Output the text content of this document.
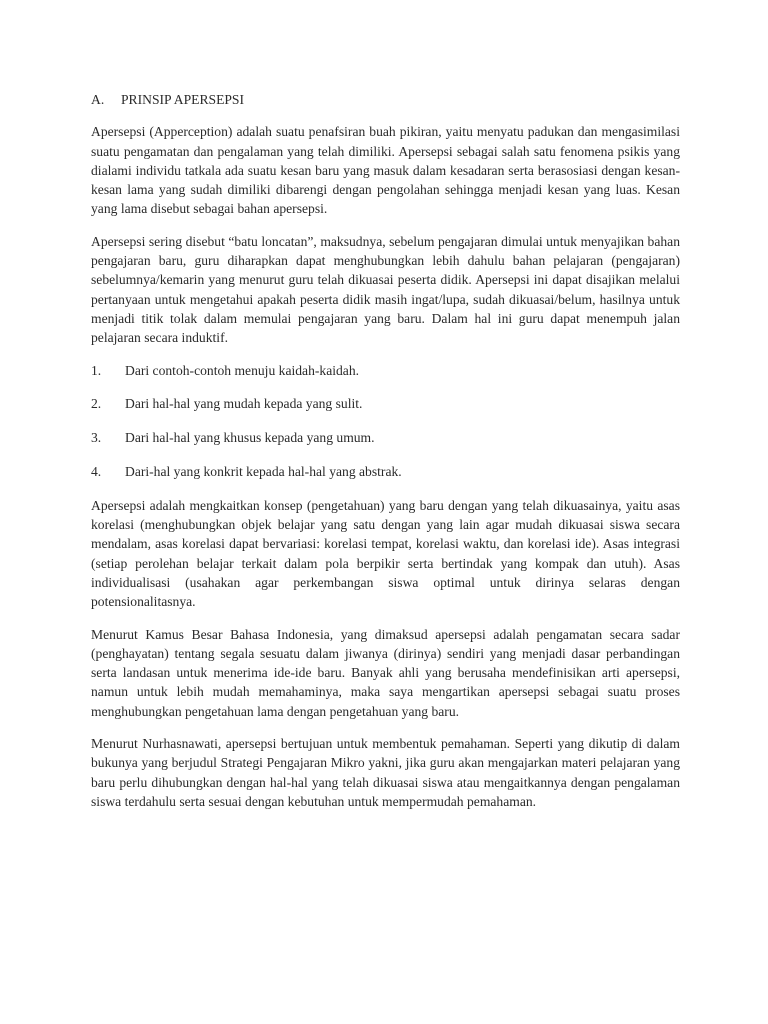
A.	PRINSIP APERSEPSI

Apersepsi (Apperception) adalah suatu penafsiran buah pikiran, yaitu menyatu padukan dan mengasimilasi suatu pengamatan dan pengalaman yang telah dimiliki. Apersepsi sebagai salah satu fenomena psikis yang dialami individu tatkala ada suatu kesan baru yang masuk dalam kesadaran serta berasosiasi dengan kesan-kesan lama yang sudah dimiliki dibarengi dengan pengolahan sehingga menjadi kesan yang luas. Kesan yang lama disebut sebagai bahan apersepsi.

Apersepsi sering disebut “batu loncatan”, maksudnya, sebelum pengajaran dimulai untuk menyajikan bahan pengajaran baru, guru diharapkan dapat menghubungkan lebih dahulu bahan pelajaran (pengajaran) sebelumnya/kemarin yang menurut guru telah dikuasai peserta didik. Apersepsi ini dapat disajikan melalui pertanyaan untuk mengetahui apakah peserta didik masih ingat/lupa, sudah dikuasai/belum, hasilnya untuk menjadi titik tolak dalam memulai pengajaran yang baru. Dalam hal ini guru dapat menempuh jalan pelajaran secara induktif.

1.	Dari contoh-contoh menuju kaidah-kaidah.
2.	Dari hal-hal yang mudah kepada yang sulit.
3.	Dari hal-hal yang khusus kepada yang umum.
4.	Dari-hal yang konkrit kepada hal-hal yang abstrak.

Apersepsi adalah mengkaitkan konsep (pengetahuan) yang baru dengan yang telah dikuasainya, yaitu asas korelasi (menghubungkan objek belajar yang satu dengan yang lain agar mudah dikuasai siswa secara mendalam, asas korelasi dapat bervariasi: korelasi tempat, korelasi waktu, dan korelasi ide). Asas integrasi (setiap perolehan belajar terkait dalam pola berpikir serta bertindak yang kompak dan utuh). Asas individualisasi (usahakan agar perkembangan siswa optimal untuk dirinya selaras dengan potensionalitasnya.

Menurut Kamus Besar Bahasa Indonesia, yang dimaksud apersepsi adalah pengamatan secara sadar (penghayatan) tentang segala sesuatu dalam jiwanya (dirinya) sendiri yang menjadi dasar perbandingan serta landasan untuk menerima ide-ide baru. Banyak ahli yang berusaha mendefinisikan arti apersepsi, namun untuk lebih mudah memahaminya, maka saya mengartikan apersepsi sebagai suatu proses menghubungkan pengetahuan lama dengan pengetahuan yang baru.

Menurut Nurhasnawati, apersepsi bertujuan untuk membentuk pemahaman. Seperti yang dikutip di dalam bukunya yang berjudul Strategi Pengajaran Mikro yakni, jika guru akan mengajarkan materi pelajaran yang baru perlu dihubungkan dengan hal-hal yang telah dikuasai siswa atau mengaitkannya dengan pengalaman siswa terdahulu serta sesuai dengan kebutuhan untuk mempermudah pemahaman.
